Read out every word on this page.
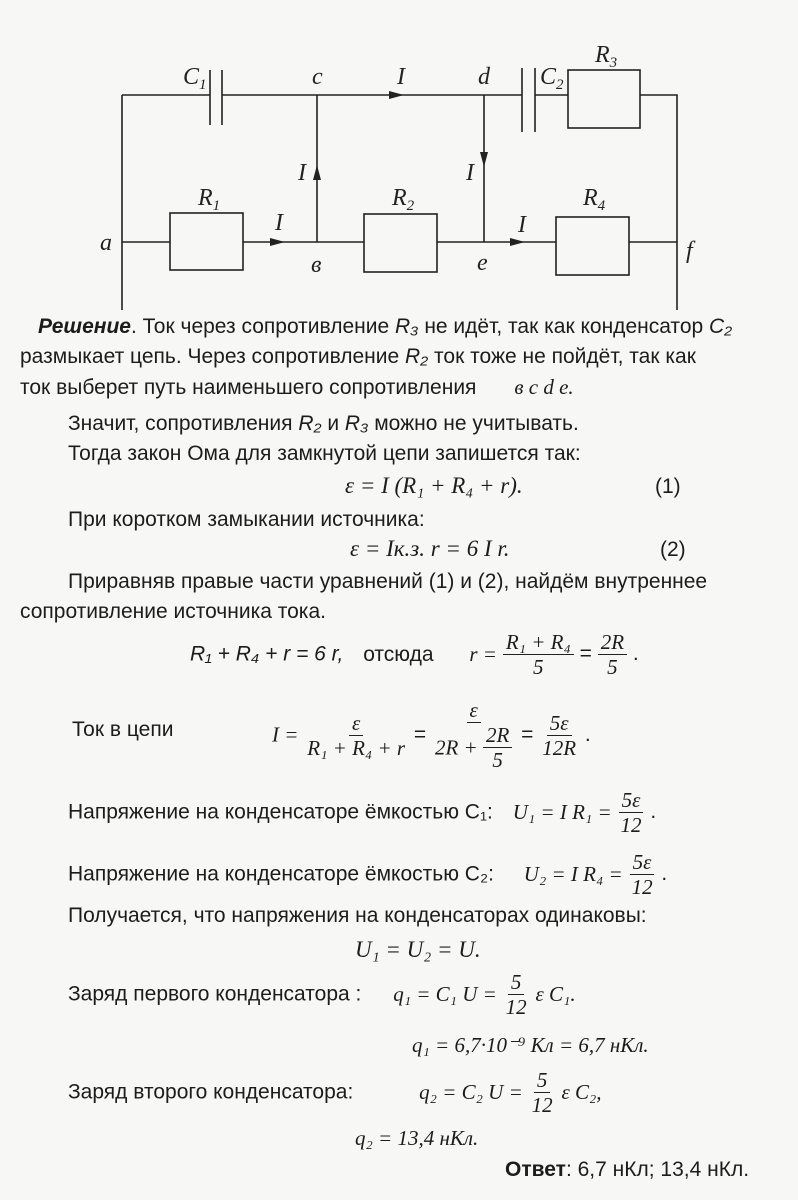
$C_1$	c	I	d $C_2$
$R_3$
$R_1$	$R_2$	$R_4$
a
в	e	f
I	I
I	I
Решение. Ток через сопротивление R₃ не идёт, так как конденсатор C₂
размыкает цепь. Через сопротивление R₂ ток тоже не пойдёт, так как
ток выберет путь наименьшего сопротивления в c d e.
Значит, сопротивления R₂ и R₃ можно не учитывать.
Тогда закон Ома для замкнутой цепи запишется так:
ε = I (R₁ + R₄ + r).	(1)
При коротком замыкании источника:
ε = Iк.з. r = 6 I r.	(2)
Приравняв правые части уравнений (1) и (2), найдём внутреннее
сопротивление источника тока.
R₁ + R₄ + r = 6 r, отсюда $r = \frac{\text{R₁ + R₄}}{5} = \frac{2R}{5}$ .
Ток в цепи	$I = \frac{\varepsilon}{\text{R₁ + R₄ + r}} = \frac{\varepsilon}{2R + \frac{2R}{5}} = \frac{5\varepsilon}{12R}$ .
Напряжение на конденсаторе ёмкостью C₁: U₁ = I $R_1 = \frac{5\varepsilon}{12}$ .
Напряжение на конденсаторе ёмкостью C₂: U₂ = I $R_4 = \frac{5\varepsilon}{12}$ .
Получается, что напряжения на конденсаторах одинаковы:
U₁ = U₂ = U.
Заряд первого конденсатора : q₁ = C₁ $U = \frac{5}{12}$ ε C₁.
q₁ = 6,7·10⁻⁹ Кл = 6,7 нКл.
Заряд второго конденсатора:	q₂ = C₂ $U = \frac{5}{12}$ ε C₂,
q₂ = 13,4 нКл.
Ответ: 6,7 нКл; 13,4 нКл.
